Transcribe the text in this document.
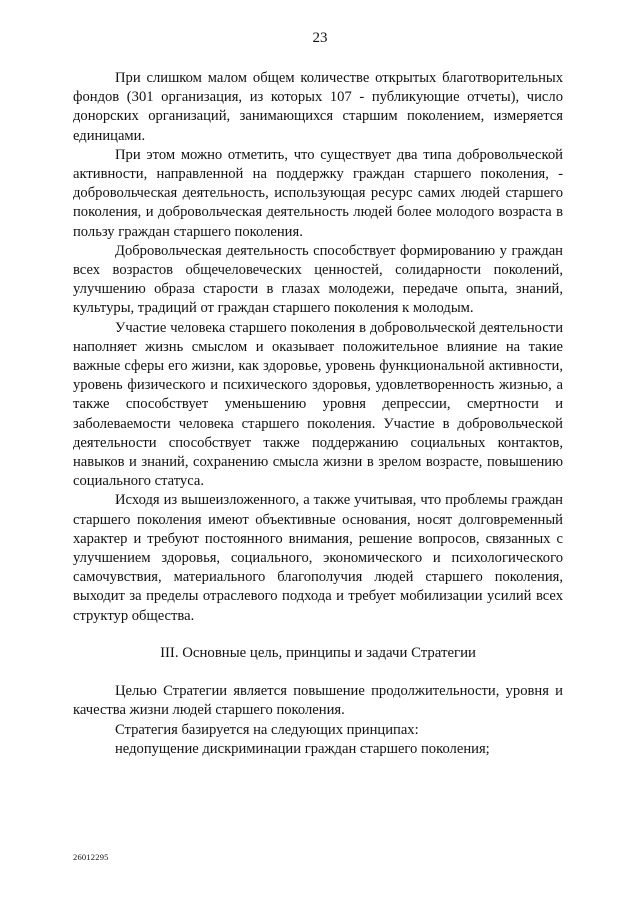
23

При слишком малом общем количестве открытых благотворительных фондов (301 организация, из которых 107 - публикующие отчеты), число донорских организаций, занимающихся старшим поколением, измеряется единицами.

При этом можно отметить, что существует два типа добровольческой активности, направленной на поддержку граждан старшего поколения, - добровольческая деятельность, использующая ресурс самих людей старшего поколения, и добровольческая деятельность людей более молодого возраста в пользу граждан старшего поколения.

Добровольческая деятельность способствует формированию у граждан всех возрастов общечеловеческих ценностей, солидарности поколений, улучшению образа старости в глазах молодежи, передаче опыта, знаний, культуры, традиций от граждан старшего поколения к молодым.

Участие человека старшего поколения в добровольческой деятельности наполняет жизнь смыслом и оказывает положительное влияние на такие важные сферы его жизни, как здоровье, уровень функциональной активности, уровень физического и психического здоровья, удовлетворенность жизнью, а также способствует уменьшению уровня депрессии, смертности и заболеваемости человека старшего поколения. Участие в добровольческой деятельности способствует также поддержанию социальных контактов, навыков и знаний, сохранению смысла жизни в зрелом возрасте, повышению социального статуса.

Исходя из вышеизложенного, а также учитывая, что проблемы граждан старшего поколения имеют объективные основания, носят долговременный характер и требуют постоянного внимания, решение вопросов, связанных с улучшением здоровья, социального, экономического и психологического самочувствия, материального благополучия людей старшего поколения, выходит за пределы отраслевого подхода и требует мобилизации усилий всех структур общества.

III. Основные цель, принципы и задачи Стратегии

Целью Стратегии является повышение продолжительности, уровня и качества жизни людей старшего поколения.

Стратегия базируется на следующих принципах:

недопущение дискриминации граждан старшего поколения;

26012295
